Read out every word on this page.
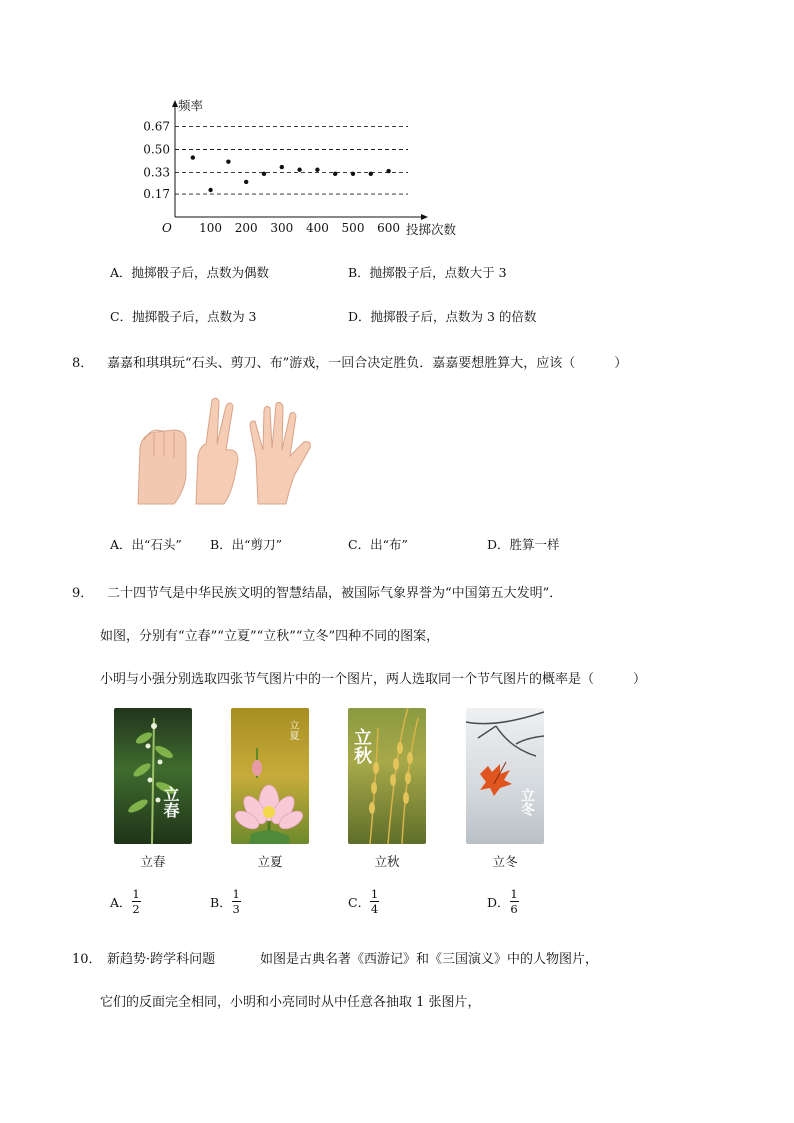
0.17
0.33
0.50
0.67
100 200 300 400 500 600
O
频率
投掷次数
A．抛掷骰子后，点数为偶数	B．抛掷骰子后，点数大于 3
C．抛掷骰子后，点数为 3	D．抛掷骰子后，点数为 3 的倍数
8． 嘉嘉和琪琪玩“石头、剪刀、布”游戏，一回合决定胜负．嘉嘉要想胜算大，应该（　　　）
A．出“石头” B．出“剪刀”	C．出“布”	D．胜算一样
9． 二十四节气是中华民族文明的智慧结晶，被国际气象界誉为“中国第五大发明”．
如图，分别有“立春”“立夏”“立秋”“立冬”四种不同的图案，
小明与小强分别选取四张节气图片中的一个图片，两人选取同一个节气图片的概率是（　　　）
立春
立夏	立秋
立冬
立春	立夏	立秋	立冬
A． $\frac{1}{2}$	B． $\frac{1}{3}$	C． $\frac{1}{4}$	D． $\frac{1}{6}$
10． 新趋势·跨学科问题	如图是古典名著《西游记》和《三国演义》中的人物图片，
它们的反面完全相同，小明和小亮同时从中任意各抽取 1 张图片，
